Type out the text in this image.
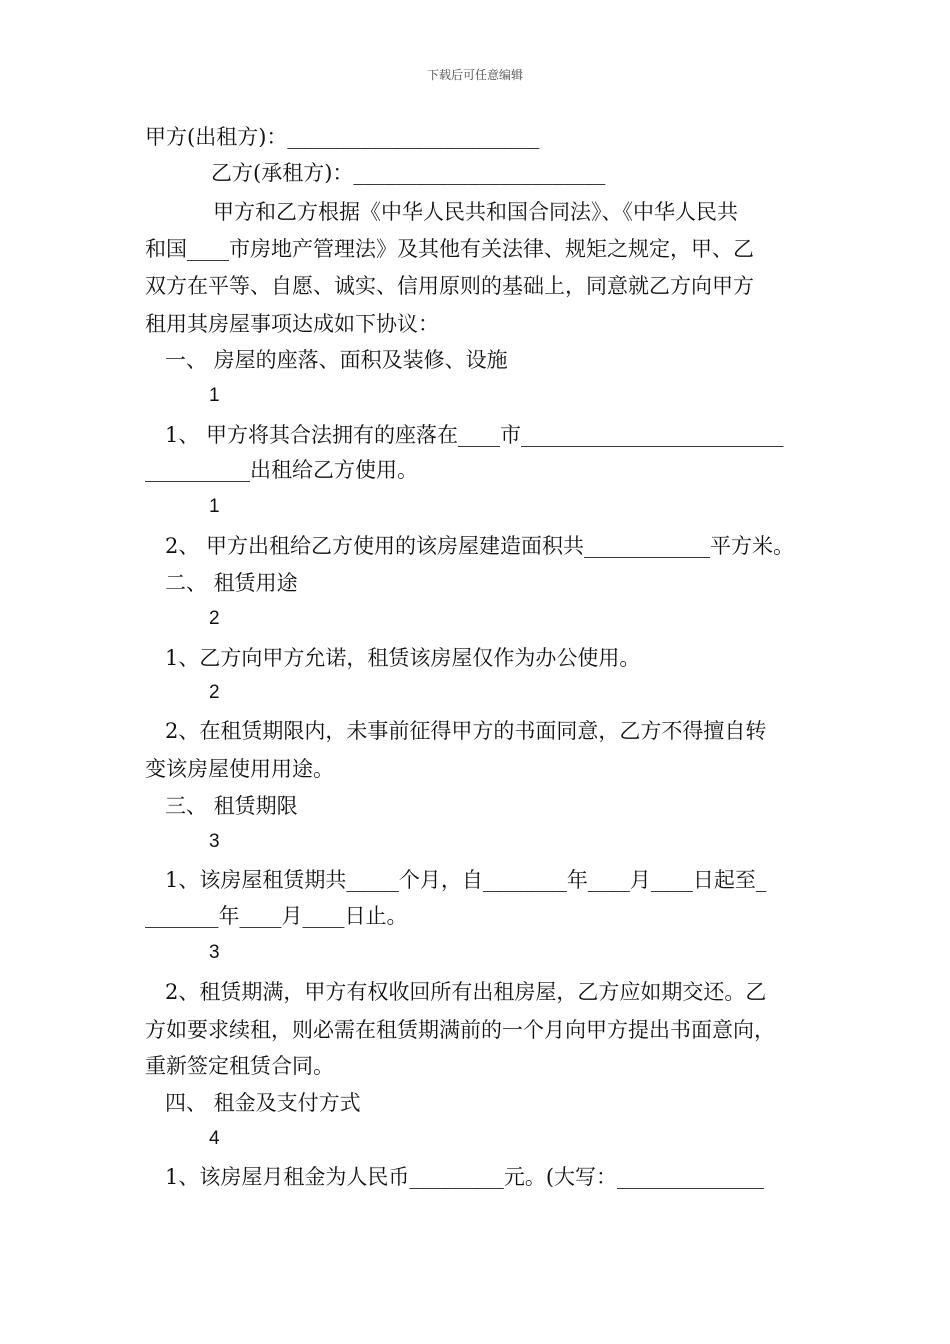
下载后可任意编辑
甲方(出租方)：________________________
乙方(承租方)：________________________
甲方和乙方根据《中华人民共和国合同法》、《中华人民共
和国____市房地产管理法》及其他有关法律、规矩之规定，甲、乙
双方在平等、自愿、诚实、信用原则的基础上，同意就乙方向甲方
租用其房屋事项达成如下协议：
一、 房屋的座落、面积及装修、设施
1
1、 甲方将其合法拥有的座落在____市_________________________
__________出租给乙方使用。
1
2、 甲方出租给乙方使用的该房屋建造面积共____________平方米。
二、 租赁用途
2
1、乙方向甲方允诺，租赁该房屋仅作为办公使用。
2
2、在租赁期限内，未事前征得甲方的书面同意，乙方不得擅自转
变该房屋使用用途。
三、 租赁期限
3
1、该房屋租赁期共_____个月，自________年____月____日起至_
_______年____月____日止。
3
2、租赁期满，甲方有权收回所有出租房屋，乙方应如期交还。乙
方如要求续租，则必需在租赁期满前的一个月向甲方提出书面意向，
重新签定租赁合同。
四、 租金及支付方式
4
1、该房屋月租金为人民币_________元。(大写：______________
